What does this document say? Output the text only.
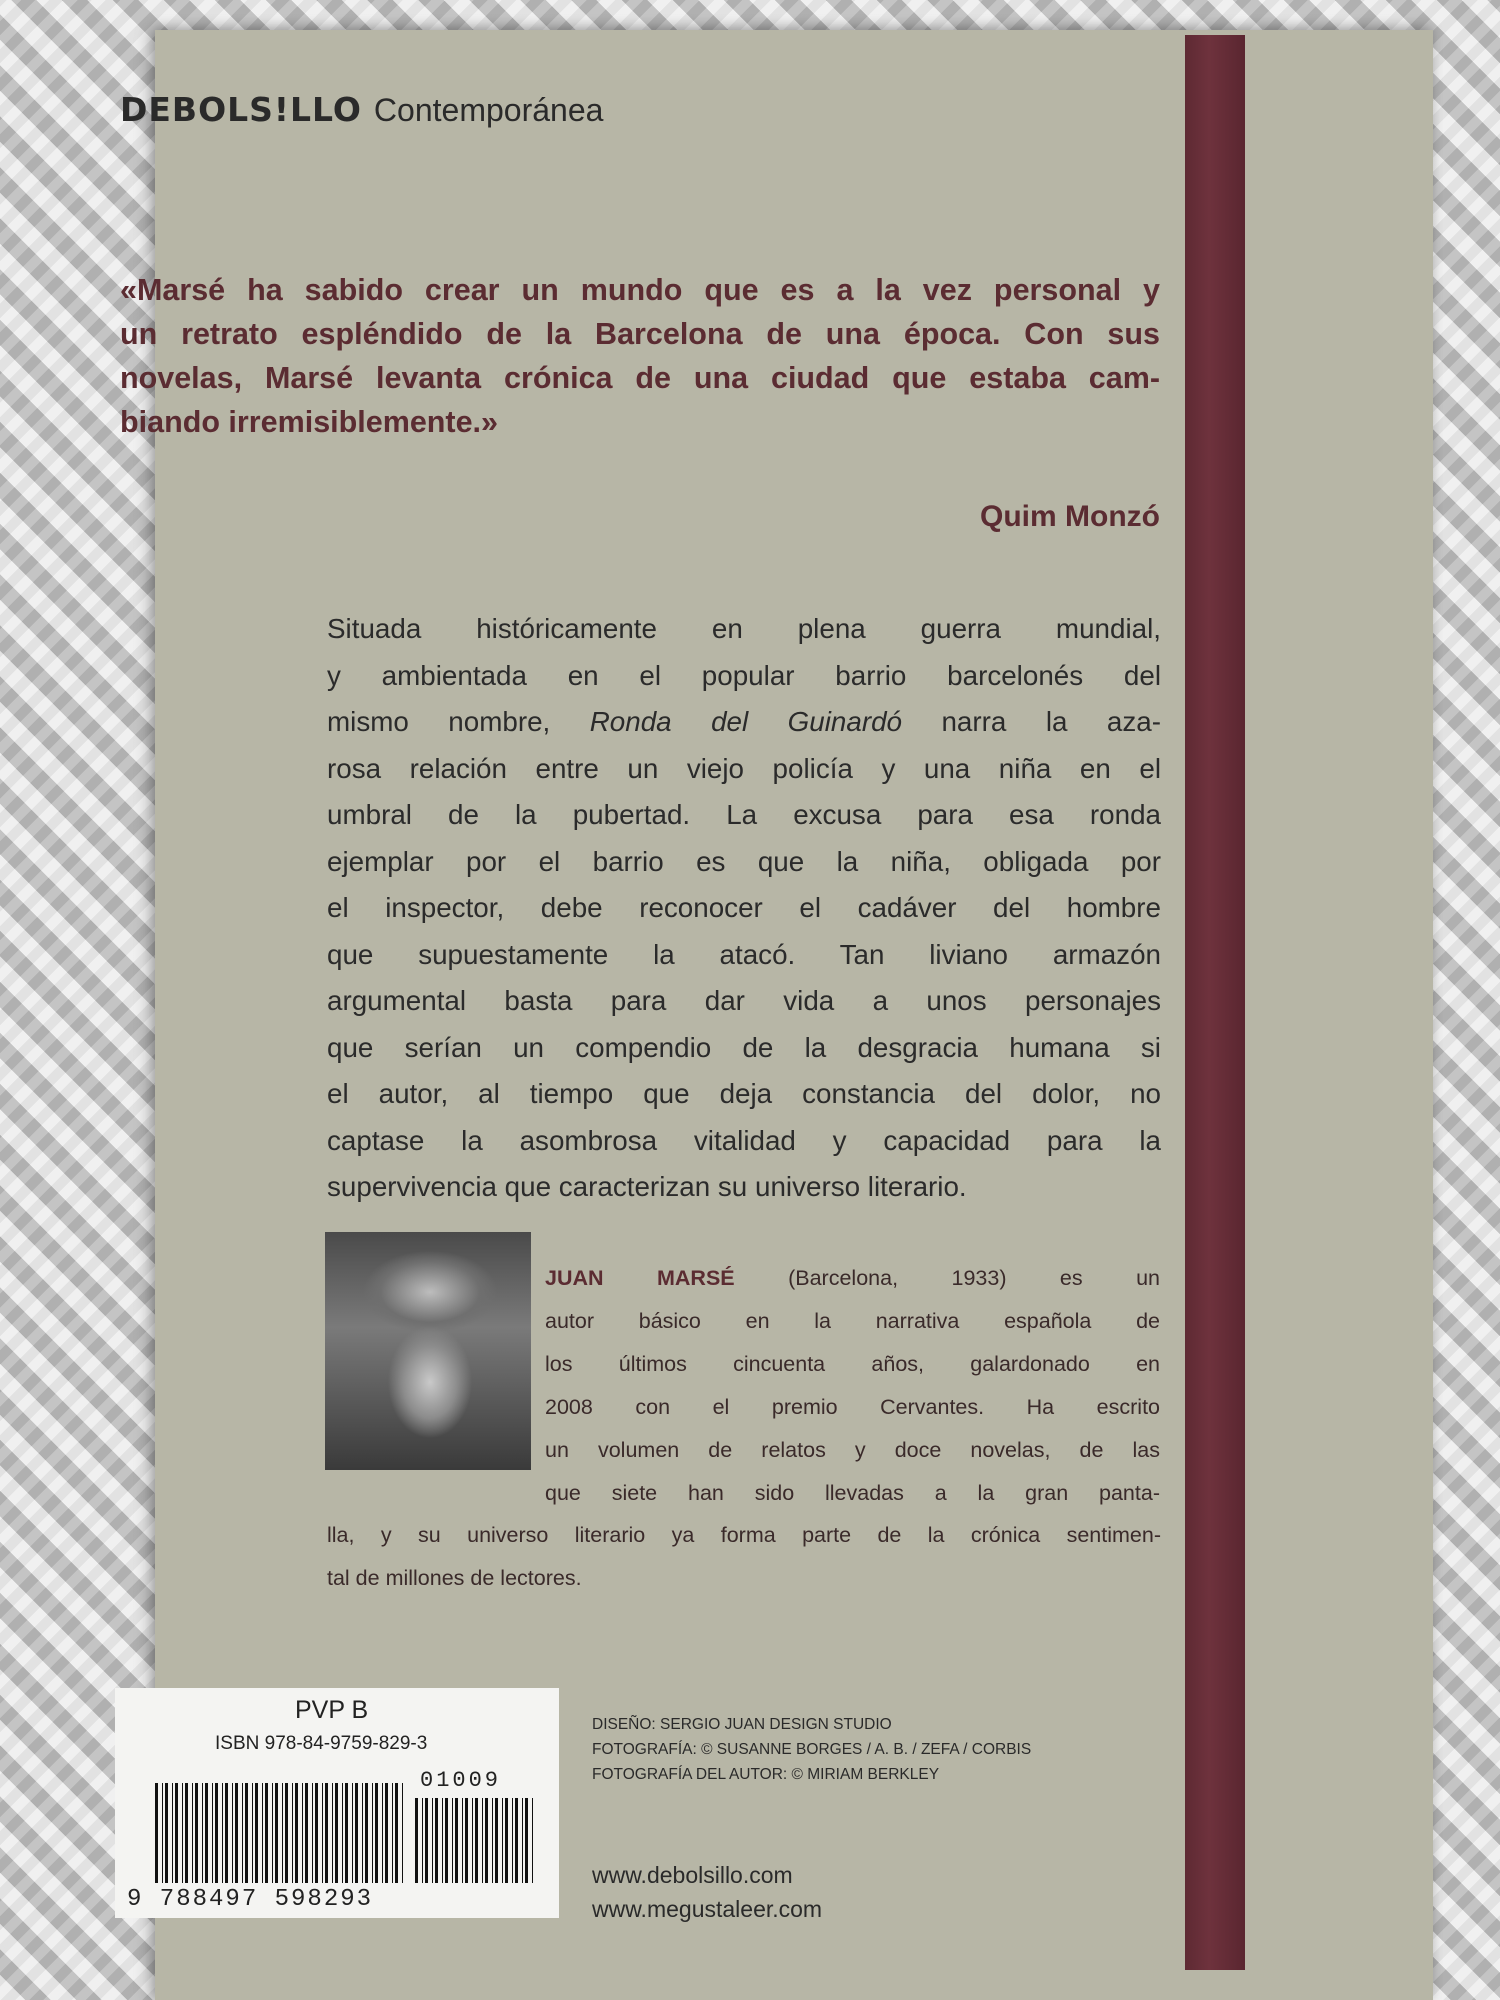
DEBOLS!LLO Contemporánea
«Marsé ha sabido crear un mundo que es a la vez personal y
un retrato espléndido de la Barcelona de una época. Con sus
novelas, Marsé levanta crónica de una ciudad que estaba cam-
biando irremisiblemente.»
Quim Monzó
Situada históricamente en plena guerra mundial,
y ambientada en el popular barrio barcelonés del
mismo nombre, Ronda del Guinardó narra la aza-
rosa relación entre un viejo policía y una niña en el
umbral de la pubertad. La excusa para esa ronda
ejemplar por el barrio es que la niña, obligada por
el inspector, debe reconocer el cadáver del hombre
que supuestamente la atacó. Tan liviano armazón
argumental basta para dar vida a unos personajes
que serían un compendio de la desgracia humana si
el autor, al tiempo que deja constancia del dolor, no
captase la asombrosa vitalidad y capacidad para la
supervivencia que caracterizan su universo literario.
JUAN MARSÉ (Barcelona, 1933) es un
autor básico en la narrativa española de
los últimos cincuenta años, galardonado en
2008 con el premio Cervantes. Ha escrito
un volumen de relatos y doce novelas, de las
que siete han sido llevadas a la gran panta-
lla, y su universo literario ya forma parte de la crónica sentimen-
tal de millones de lectores.
PVP B
ISBN 978-84-9759-829-3
01009
9 788497 598293
DISEÑO: SERGIO JUAN DESIGN STUDIO
FOTOGRAFÍA: © SUSANNE BORGES / A. B. / ZEFA / CORBIS
FOTOGRAFÍA DEL AUTOR: © MIRIAM BERKLEY
www.debolsillo.com
www.megustaleer.com
